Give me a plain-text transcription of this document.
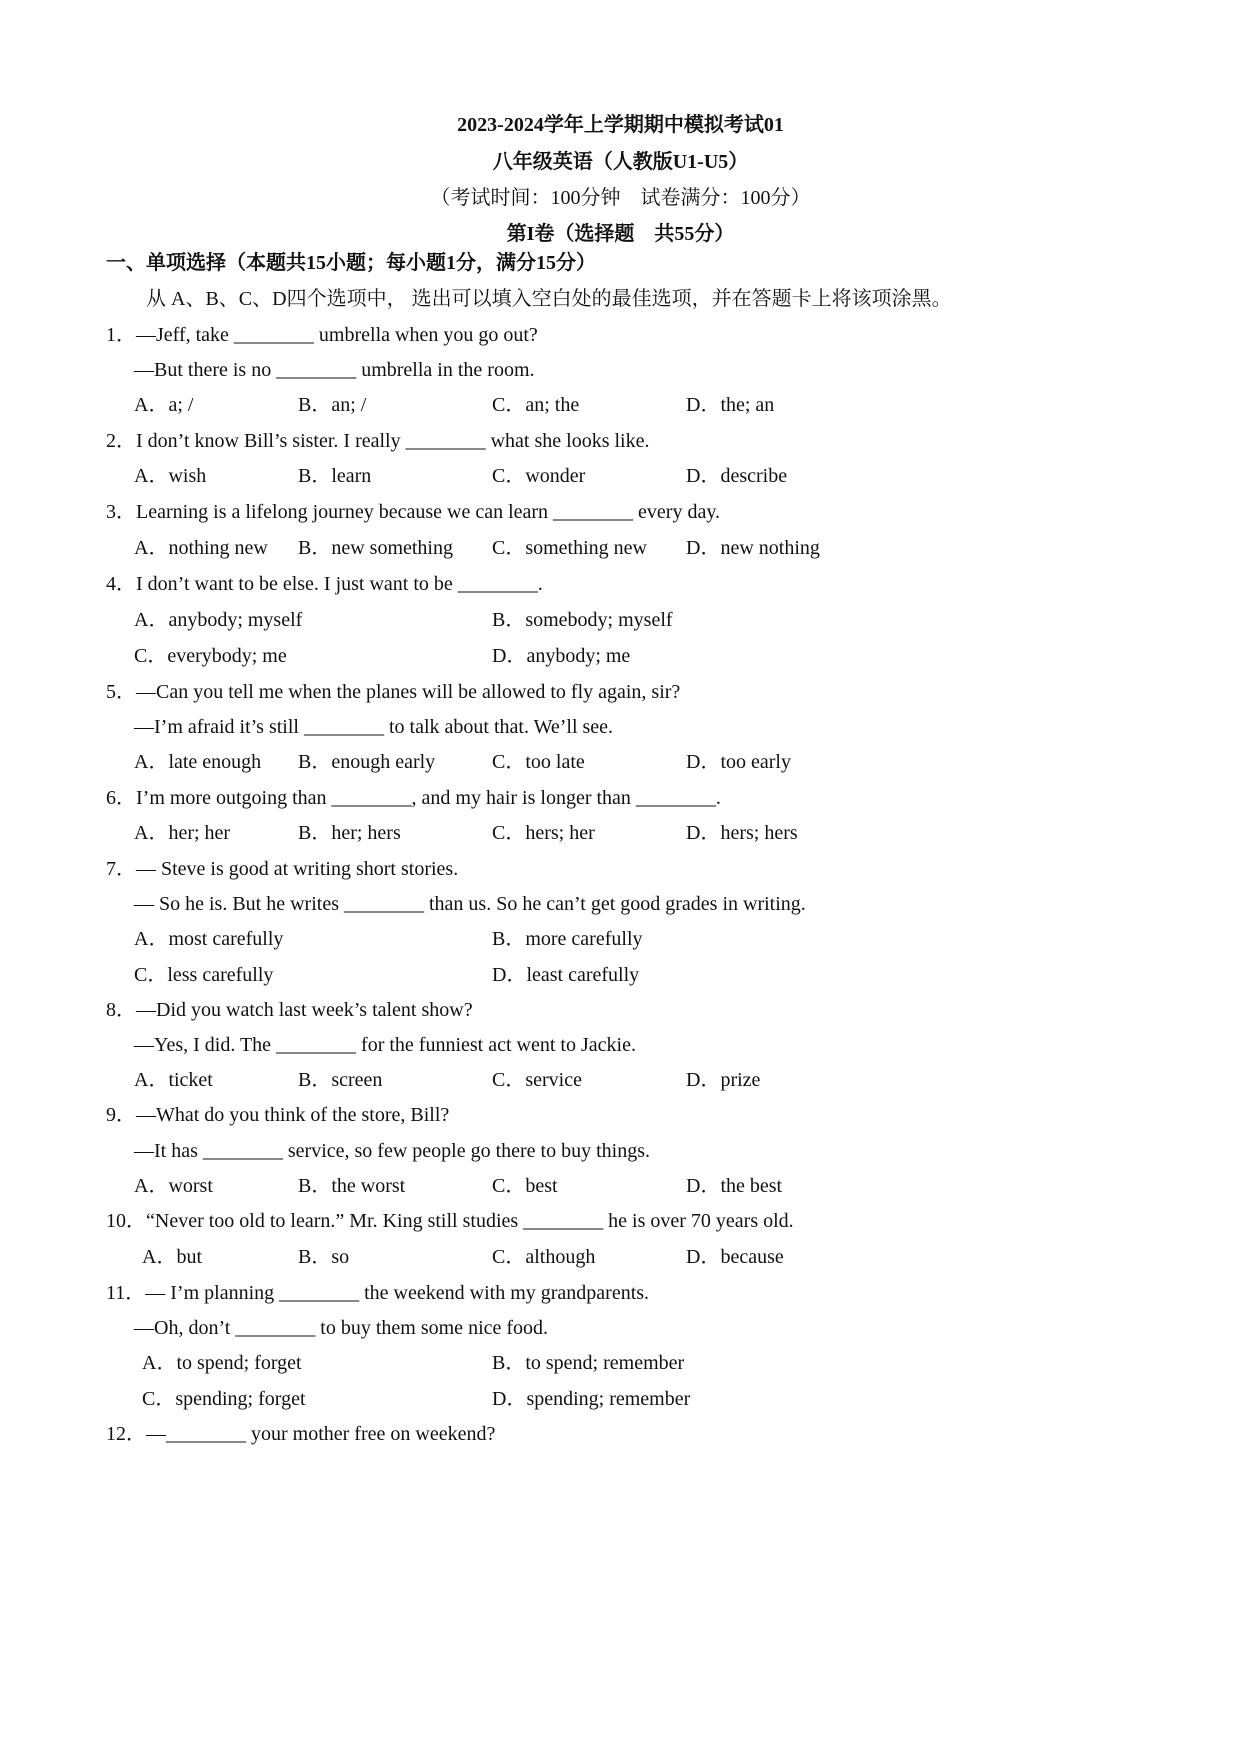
2023-2024学年上学期期中模拟考试01
八年级英语（人教版U1-U5）
（考试时间：100分钟　试卷满分：100分）
第I卷（选择题　共55分）
一、单项选择（本题共15小题；每小题1分，满分15分）
从 A、B、C、D四个选项中， 选出可以填入空白处的最佳选项，并在答题卡上将该项涂黑。
1．—Jeff, take ________ umbrella when you go out?
—But there is no ________ umbrella in the room.
A．a; /	B．an; /	C．an; the	D．the; an
2．I don’t know Bill’s sister. I really ________ what she looks like.
A．wish	B．learn	C．wonder	D．describe
3．Learning is a lifelong journey because we can learn ________ every day.
A．nothing new B．new something C．something new D．new nothing
4．I don’t want to be else. I just want to be ________.
A．anybody; myself	B．somebody; myself
C．everybody; me	D．anybody; me
5．—Can you tell me when the planes will be allowed to fly again, sir?
—I’m afraid it’s still ________ to talk about that. We’ll see.
A．late enough B．enough early	C．too late	D．too early
6．I’m more outgoing than ________, and my hair is longer than ________.
A．her; her	B．her; hers	C．hers; her	D．hers; hers
7．— Steve is good at writing short stories.
— So he is. But he writes ________ than us. So he can’t get good grades in writing.
A．most carefully	B．more carefully
C．less carefully	D．least carefully
8．—Did you watch last week’s talent show?
—Yes, I did. The ________ for the funniest act went to Jackie.
A．ticket	B．screen	C．service	D．prize
9．—What do you think of the store, Bill?
—It has ________ service, so few people go there to buy things.
A．worst	B．the worst	C．best	D．the best
10．“Never too old to learn.” Mr. King still studies ________ he is over 70 years old.
A．but	B．so	C．although	D．because
11．— I’m planning ________ the weekend with my grandparents.
—Oh, don’t ________ to buy them some nice food.
A．to spend; forget	B．to spend; remember
C．spending; forget	D．spending; remember
12．—________ your mother free on weekend?
